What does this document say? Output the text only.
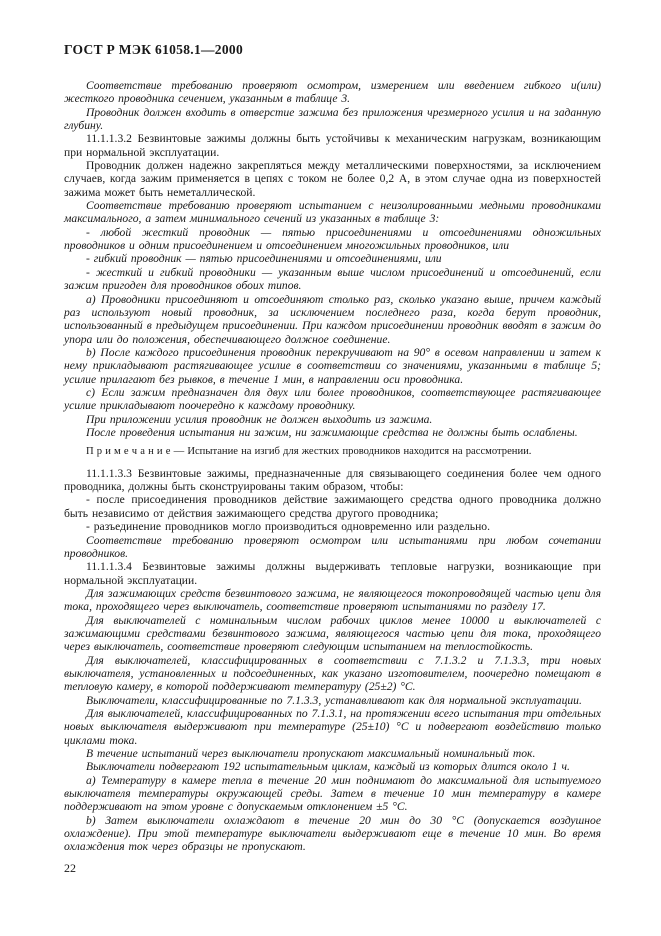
ГОСТ Р МЭК 61058.1—2000

Соответствие требованию проверяют осмотром, измерением или введением гибкого и(или) жесткого проводника сечением, указанным в таблице 3.

Проводник должен входить в отверстие зажима без приложения чрезмерного усилия и на заданную глубину.

11.1.1.3.2 Безвинтовые зажимы должны быть устойчивы к механическим нагрузкам, возникающим при нормальной эксплуатации.

Проводник должен надежно закрепляться между металлическими поверхностями, за исключением случаев, когда зажим применяется в цепях с током не более 0,2 А, в этом случае одна из поверхностей зажима может быть неметаллической.

Соответствие требованию проверяют испытанием с неизолированными медными проводниками максимального, а затем минимального сечений из указанных в таблице 3:

- любой жесткий проводник — пятью присоединениями и отсоединениями одножильных проводников и одним присоединением и отсоединением многожильных проводников, или

- гибкий проводник — пятью присоединениями и отсоединениями, или

- жесткий и гибкий проводники — указанным выше числом присоединений и отсоединений, если зажим пригоден для проводников обоих типов.

а) Проводники присоединяют и отсоединяют столько раз, сколько указано выше, причем каждый раз используют новый проводник, за исключением последнего раза, когда берут проводник, использованный в предыдущем присоединении. При каждом присоединении проводник вводят в зажим до упора или до положения, обеспечивающего должное соединение.

b) После каждого присоединения проводник перекручивают на 90° в осевом направлении и затем к нему прикладывают растягивающее усилие в соответствии со значениями, указанными в таблице 5; усилие прилагают без рывков, в течение 1 мин, в направлении оси проводника.

c) Если зажим предназначен для двух или более проводников, соответствующее растягивающее усилие прикладывают поочередно к каждому проводнику.

При приложении усилия проводник не должен выходить из зажима.

После проведения испытания ни зажим, ни зажимающие средства не должны быть ослаблены.

П р и м е ч а н и е — Испытание на изгиб для жестких проводников находится на рассмотрении.

11.1.1.3.3 Безвинтовые зажимы, предназначенные для связывающего соединения более чем одного проводника, должны быть сконструированы таким образом, чтобы:

- после присоединения проводников действие зажимающего средства одного проводника должно быть независимо от действия зажимающего средства другого проводника;

- разъединение проводников могло производиться одновременно или раздельно.

Соответствие требованию проверяют осмотром или испытаниями при любом сочетании проводников.

11.1.1.3.4 Безвинтовые зажимы должны выдерживать тепловые нагрузки, возникающие при нормальной эксплуатации.

Для зажимающих средств безвинтового зажима, не являющегося токопроводящей частью цепи для тока, проходящего через выключатель, соответствие проверяют испытаниями по разделу 17.

Для выключателей с номинальным числом рабочих циклов менее 10000 и выключателей с зажимающими средствами безвинтового зажима, являющегося частью цепи для тока, проходящего через выключатель, соответствие проверяют следующим испытанием на теплостойкость.

Для выключателей, классифицированных в соответствии с 7.1.3.2 и 7.1.3.3, три новых выключателя, установленных и подсоединенных, как указано изготовителем, поочередно помещают в тепловую камеру, в которой поддерживают температуру (25±2) °С.

Выключатели, классифицированные по 7.1.3.3, устанавливают как для нормальной эксплуатации.

Для выключателей, классифицированных по 7.1.3.1, на протяжении всего испытания три отдельных новых выключателя выдерживают при температуре (25±10) °С и подвергают воздействию только циклами тока.

В течение испытаний через выключатели пропускают максимальный номинальный ток.

Выключатели подвергают 192 испытательным циклам, каждый из которых длится около 1 ч.

а) Температуру в камере тепла в течение 20 мин поднимают до максимальной для испытуемого выключателя температуры окружающей среды. Затем в течение 10 мин температуру в камере поддерживают на этом уровне с допускаемым отклонением ±5 °С.

b) Затем выключатели охлаждают в течение 20 мин до 30 °С (допускается воздушное охлаждение). При этой температуре выключатели выдерживают еще в течение 10 мин. Во время охлаждения ток через образцы не пропускают.

22
